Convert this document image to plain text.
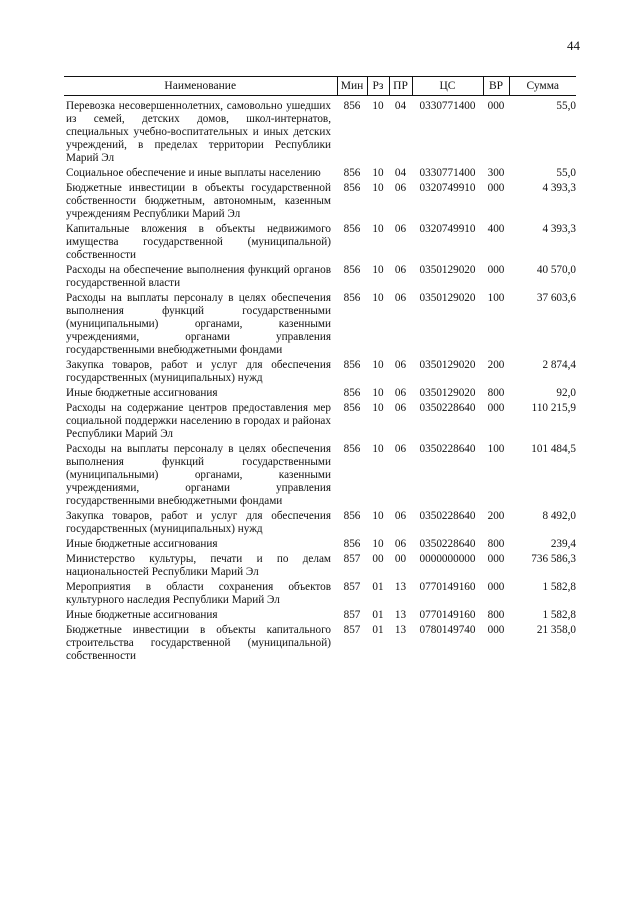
44
Наименование	Мин	Рз	ПР	ЦС	ВР	Сумма
Перевозка несовершеннолетних, самовольно ушедших из семей, детских домов, школ-интернатов, специальных учебно-воспитательных и иных детских учреждений, в пределах территории Республики Марий Эл	856	10	04	0330771400	000	55,0
Социальное обеспечение и иные выплаты населению	856	10	04	0330771400	300	55,0
Бюджетные инвестиции в объекты государственной собственности бюджетным, автономным, казенным учреждениям Республики Марий Эл	856	10	06	0320749910	000	4 393,3
Капитальные вложения в объекты недвижимого имущества государственной (муниципальной) собственности	856	10	06	0320749910	400	4 393,3
Расходы на обеспечение выполнения функций органов государственной власти	856	10	06	0350129020	000	40 570,0
Расходы на выплаты персоналу в целях обеспечения выполнения функций государственными (муниципальными) органами, казенными учреждениями, органами управления государственными внебюджетными фондами	856	10	06	0350129020	100	37 603,6
Закупка товаров, работ и услуг для обеспечения государственных (муниципальных) нужд	856	10	06	0350129020	200	2 874,4
Иные бюджетные ассигнования	856	10	06	0350129020	800	92,0
Расходы на содержание центров предоставления мер социальной поддержки населению в городах и районах Республики Марий Эл	856	10	06	0350228640	000	110 215,9
Расходы на выплаты персоналу в целях обеспечения выполнения функций государственными (муниципальными) органами, казенными учреждениями, органами управления государственными внебюджетными фондами	856	10	06	0350228640	100	101 484,5
Закупка товаров, работ и услуг для обеспечения государственных (муниципальных) нужд	856	10	06	0350228640	200	8 492,0
Иные бюджетные ассигнования	856	10	06	0350228640	800	239,4
Министерство культуры, печати и по делам национальностей Республики Марий Эл	857	00	00	0000000000	000	736 586,3
Мероприятия в области сохранения объектов культурного наследия Республики Марий Эл	857	01	13	0770149160	000	1 582,8
Иные бюджетные ассигнования	857	01	13	0770149160	800	1 582,8
Бюджетные инвестиции в объекты капитального строительства государственной (муниципальной) собственности	857	01	13	0780149740	000	21 358,0
